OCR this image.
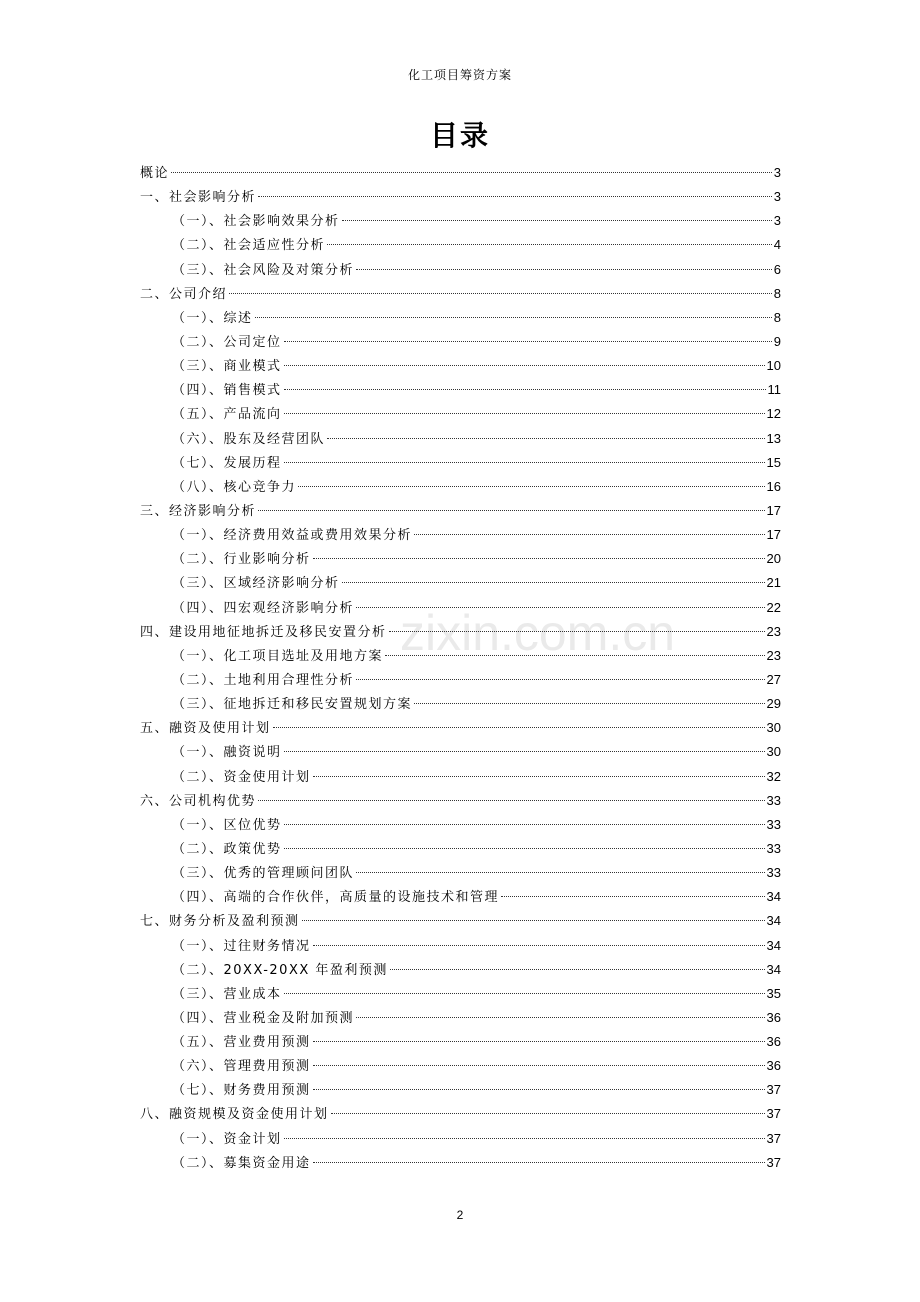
化工项目筹资方案
目录
zixin.com.cn
概论	3
一、社会影响分析	3
（一）、社会影响效果分析	3
（二）、社会适应性分析	4
（三）、社会风险及对策分析	6
二、公司介绍	8
（一）、综述	8
（二）、公司定位	9
（三）、商业模式	10
（四）、销售模式	11
（五）、产品流向	12
（六）、股东及经营团队	13
（七）、发展历程	15
（八）、核心竞争力	16
三、经济影响分析	17
（一）、经济费用效益或费用效果分析	17
（二）、行业影响分析	20
（三）、区域经济影响分析	21
（四）、四宏观经济影响分析	22
四、建设用地征地拆迁及移民安置分析	23
（一）、化工项目选址及用地方案	23
（二）、土地利用合理性分析	27
（三）、征地拆迁和移民安置规划方案	29
五、融资及使用计划	30
（一）、融资说明	30
（二）、资金使用计划	32
六、公司机构优势	33
（一）、区位优势	33
（二）、政策优势	33
（三）、优秀的管理顾问团队	33
（四）、高端的合作伙伴，高质量的设施技术和管理	34
七、财务分析及盈利预测	34
（一）、过往财务情况	34
（二）、20XX-20XX 年盈利预测	34
（三）、营业成本	35
（四）、营业税金及附加预测	36
（五）、营业费用预测	36
（六）、管理费用预测	36
（七）、财务费用预测	37
八、融资规模及资金使用计划	37
（一）、资金计划	37
（二）、募集资金用途	37
2
